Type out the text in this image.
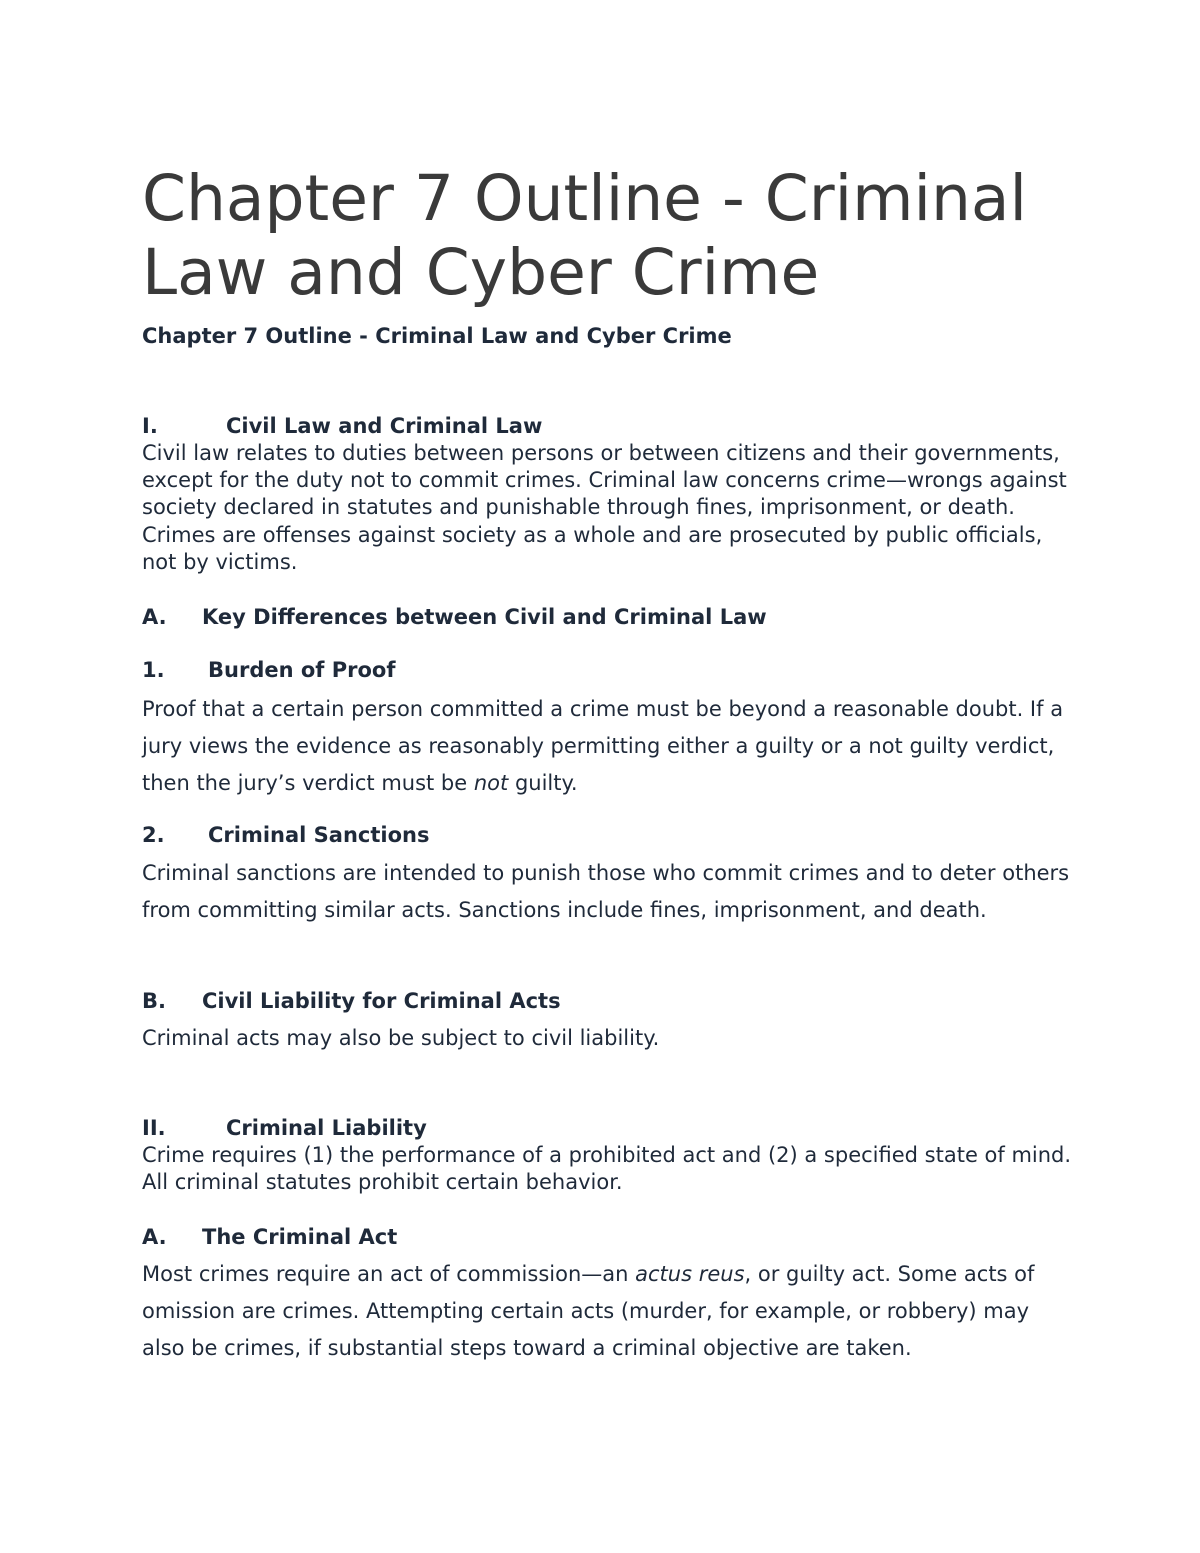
Chapter 7 Outline - Criminal Law and Cyber Crime

Chapter 7 Outline - Criminal Law and Cyber Crime

I.	Civil Law and Criminal Law

Civil law relates to duties between persons or between citizens and their governments, except for the duty not to commit crimes. Criminal law concerns crime—wrongs against society declared in statutes and punishable through fines, imprisonment, or death. Crimes are offenses against society as a whole and are prosecuted by public officials, not by victims.

A. Key Differences between Civil and Criminal Law
1. Burden of Proof

Proof that a certain person committed a crime must be beyond a reasonable doubt. If a jury views the evidence as reasonably permitting either a guilty or a not guilty verdict, then the jury’s verdict must be not guilty.

2. Criminal Sanctions

Criminal sanctions are intended to punish those who commit crimes and to deter others from committing similar acts. Sanctions include fines, imprisonment, and death.

B. Civil Liability for Criminal Acts

Criminal acts may also be subject to civil liability.

II.	Criminal Liability

Crime requires (1) the performance of a prohibited act and (2) a specified state of mind. All criminal statutes prohibit certain behavior.

A. The Criminal Act

Most crimes require an act of commission—an actus reus, or guilty act. Some acts of omission are crimes. Attempting certain acts (murder, for example, or robbery) may also be crimes, if substantial steps toward a criminal objective are taken.
